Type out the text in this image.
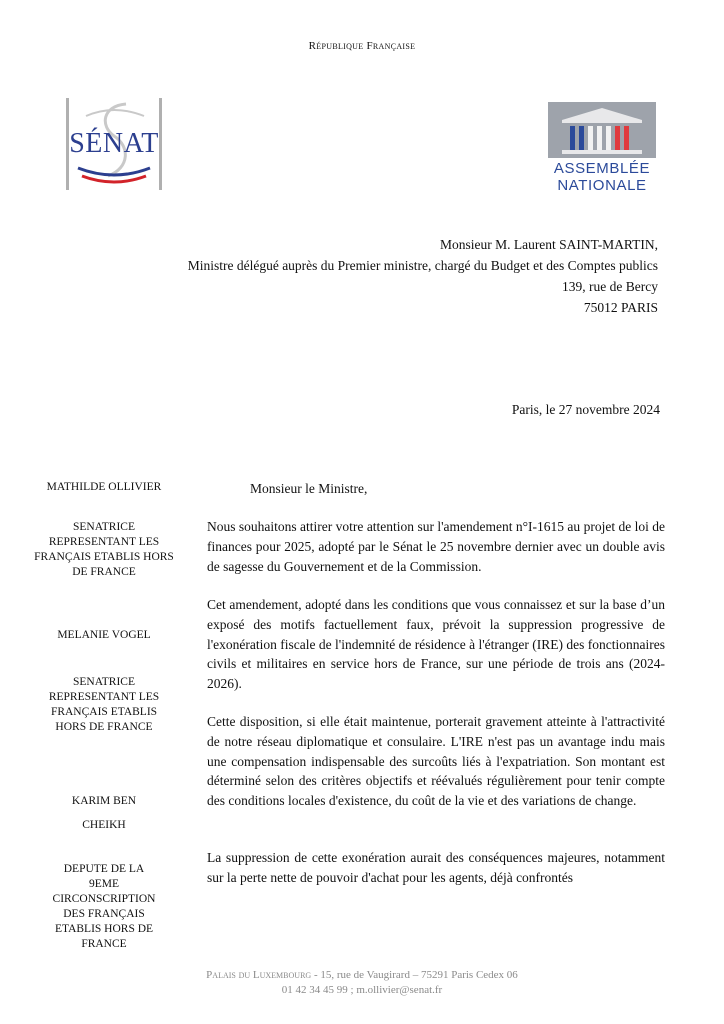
République Française
SÉNAT
ASSEMBLÉE
NATIONALE
Monsieur M. Laurent SAINT-MARTIN,
Ministre délégué auprès du Premier ministre, chargé du Budget et des Comptes publics
139, rue de Bercy
75012 PARIS
Paris, le 27 novembre 2024
MATHILDE OLLIVIER
SENATRICE REPRESENTANT LES FRANÇAIS ETABLIS HORS DE FRANCE
MELANIE VOGEL
SENATRICE REPRESENTANT LES FRANÇAIS ETABLIS HORS DE FRANCE
KARIM BEN
CHEIKH
DEPUTE DE LA 9EME CIRCONSCRIPTION DES FRANÇAIS ETABLIS HORS DE FRANCE
Monsieur le Ministre,
Nous souhaitons attirer votre attention sur l'amendement n°I-1615 au projet de loi de finances pour 2025, adopté par le Sénat le 25 novembre dernier avec un double avis de sagesse du Gouvernement et de la Commission.
Cet amendement, adopté dans les conditions que vous connaissez et sur la base d’un exposé des motifs factuellement faux, prévoit la suppression progressive de l'exonération fiscale de l'indemnité de résidence à l'étranger (IRE) des fonctionnaires civils et militaires en service hors de France, sur une période de trois ans (2024-2026).
Cette disposition, si elle était maintenue, porterait gravement atteinte à l'attractivité de notre réseau diplomatique et consulaire. L'IRE n'est pas un avantage indu mais une compensation indispensable des surcoûts liés à l'expatriation. Son montant est déterminé selon des critères objectifs et réévalués régulièrement pour tenir compte des conditions locales d'existence, du coût de la vie et des variations de change.
La suppression de cette exonération aurait des conséquences majeures, notamment sur la perte nette de pouvoir d'achat pour les agents, déjà confrontés
Palais du Luxembourg - 15, rue de Vaugirard – 75291 Paris Cedex 06
01 42 34 45 99 ; m.ollivier@senat.fr
